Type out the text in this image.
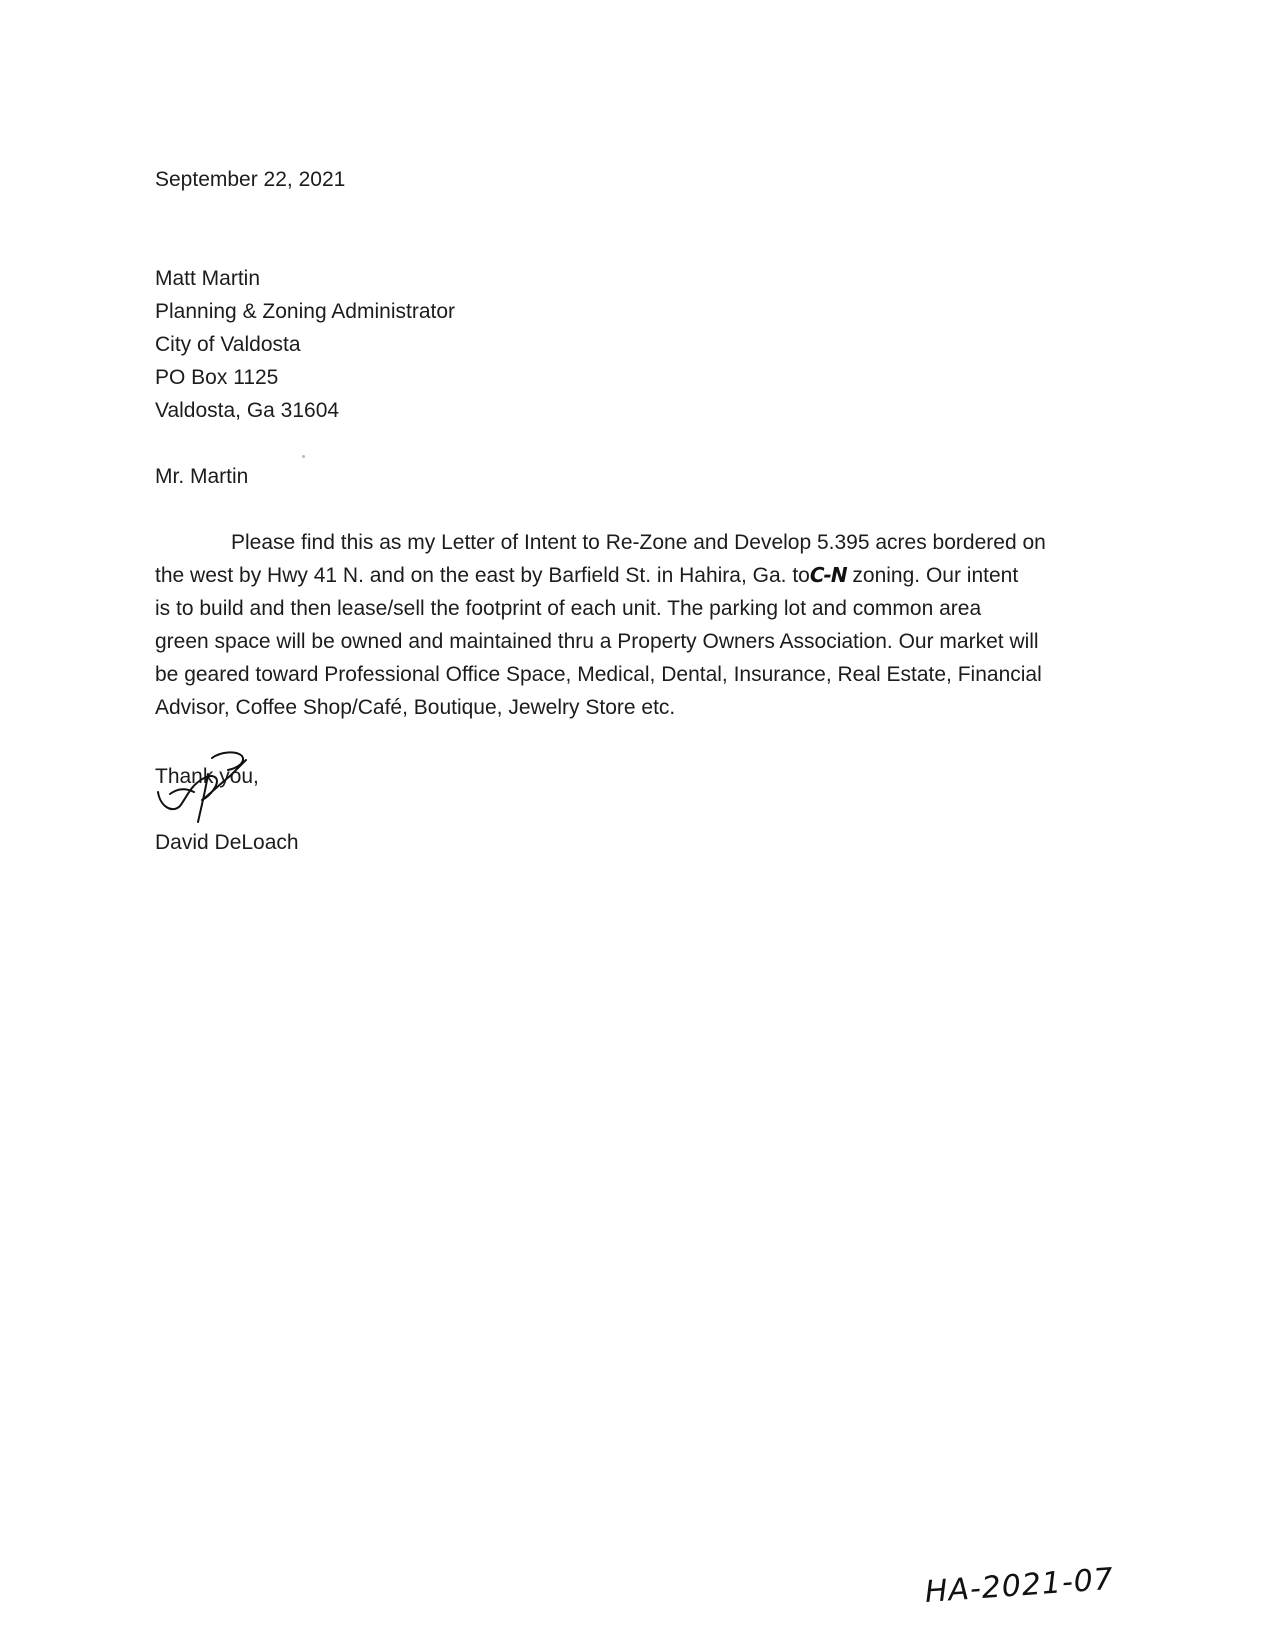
September 22, 2021
Matt Martin
Planning & Zoning Administrator
City of Valdosta
PO Box 1125
Valdosta, Ga 31604
Mr. Martin
Please find this as my Letter of Intent to Re-Zone and Develop 5.395 acres bordered on
the west by Hwy 41 N. and on the east by Barfield St. in Hahira, Ga. toC-N zoning. Our intent
is to build and then lease/sell the footprint of each unit. The parking lot and common area
green space will be owned and maintained thru a Property Owners Association. Our market will
be geared toward Professional Office Space, Medical, Dental, Insurance, Real Estate, Financial
Advisor, Coffee Shop/Café, Boutique, Jewelry Store etc.
Thank you,
David DeLoach
HA-2021-07
